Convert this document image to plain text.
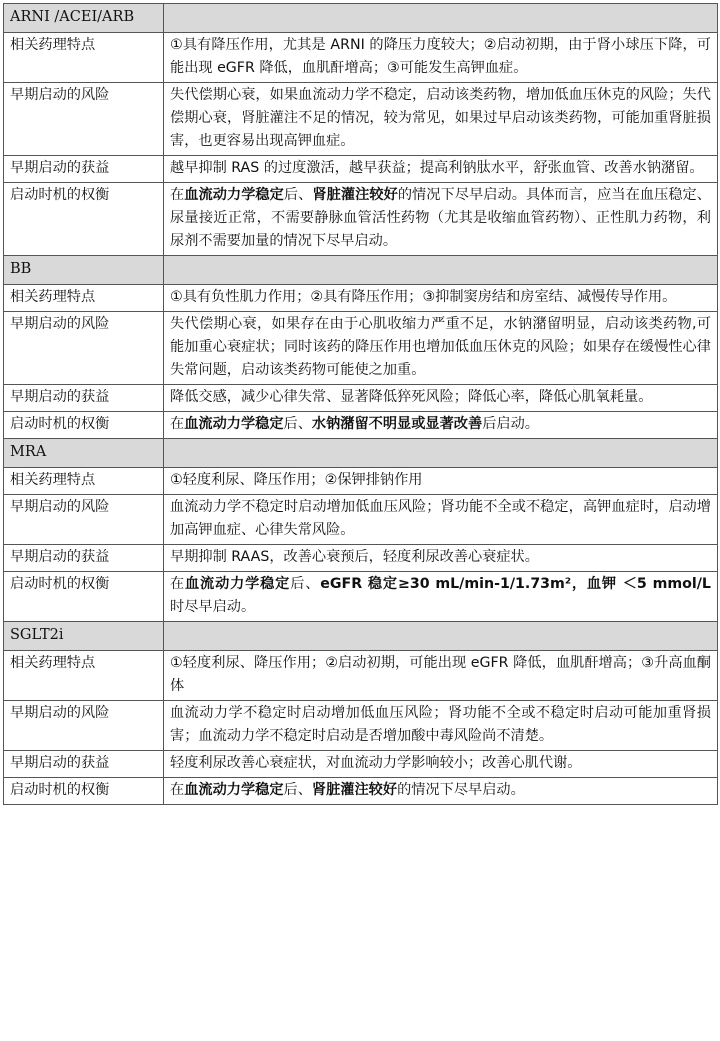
ARNI /ACEI/ARB	
相关药理特点	①具有降压作用，尤其是 ARNI 的降压力度较大；②启动初期，由于肾小球压下降，可能出现 eGFR 降低，血肌酐增高；③可能发生高钾血症。
早期启动的风险	失代偿期心衰，如果血流动力学不稳定，启动该类药物，增加低血压休克的风险；失代偿期心衰，肾脏灌注不足的情况，较为常见，如果过早启动该类药物，可能加重肾脏损害，也更容易出现高钾血症。
早期启动的获益	越早抑制 RAS 的过度激活，越早获益；提高利钠肽水平，舒张血管、改善水钠潴留。
启动时机的权衡	在血流动力学稳定后、肾脏灌注较好的情况下尽早启动。具体而言，应当在血压稳定、尿量接近正常，不需要静脉血管活性药物（尤其是收缩血管药物）、正性肌力药物，利尿剂不需要加量的情况下尽早启动。
BB	
相关药理特点	①具有负性肌力作用；②具有降压作用；③抑制窦房结和房室结、减慢传导作用。
早期启动的风险	失代偿期心衰，如果存在由于心肌收缩力严重不足，水钠潴留明显，启动该类药物,可能加重心衰症状；同时该药的降压作用也增加低血压休克的风险；如果存在缓慢性心律失常问题，启动该类药物可能使之加重。
早期启动的获益	降低交感，减少心律失常、显著降低猝死风险；降低心率，降低心肌氧耗量。
启动时机的权衡	在血流动力学稳定后、水钠潴留不明显或显著改善后启动。
MRA	
相关药理特点	①轻度利尿、降压作用；②保钾排钠作用
早期启动的风险	血流动力学不稳定时启动增加低血压风险；肾功能不全或不稳定，高钾血症时，启动增加高钾血症、心律失常风险。
早期启动的获益	早期抑制 RAAS，改善心衰预后，轻度利尿改善心衰症状。
启动时机的权衡	在血流动力学稳定后、eGFR 稳定≥30 mL/min-1/1.73m²，血钾 ＜5 mmol/L 时尽早启动。
SGLT2i	
相关药理特点	①轻度利尿、降压作用；②启动初期，可能出现 eGFR 降低，血肌酐增高；③升高血酮体
早期启动的风险	血流动力学不稳定时启动增加低血压风险；肾功能不全或不稳定时启动可能加重肾损害；血流动力学不稳定时启动是否增加酸中毒风险尚不清楚。
早期启动的获益	轻度利尿改善心衰症状，对血流动力学影响较小；改善心肌代谢。
启动时机的权衡	在血流动力学稳定后、肾脏灌注较好的情况下尽早启动。
